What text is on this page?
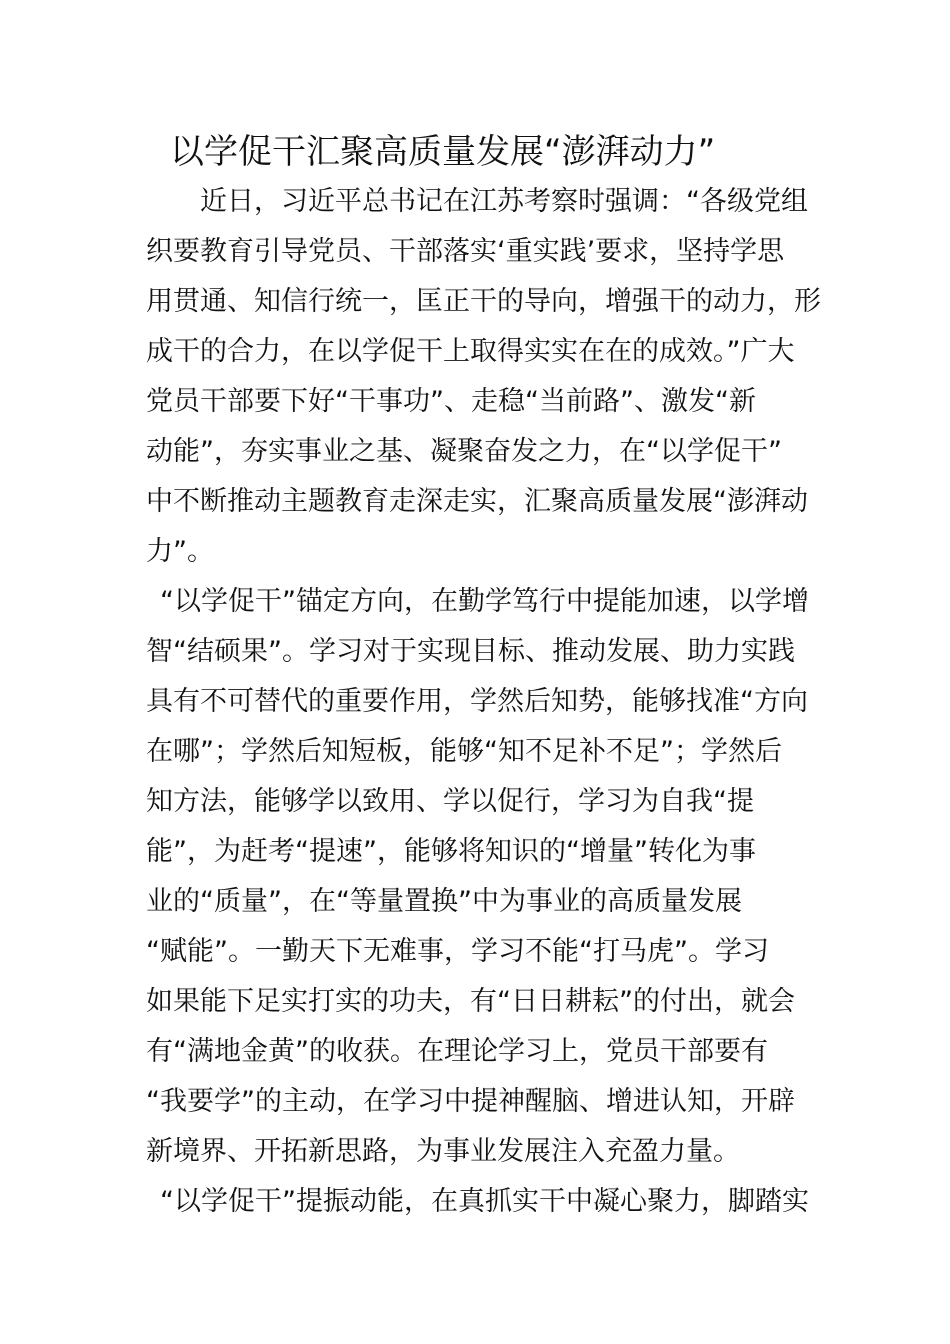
以学促干汇聚高质量发展“澎湃动力”

　　近日，习近平总书记在江苏考察时强调：“各级党组

织要教育引导党员、干部落实‘重实践’要求，坚持学思

用贯通、知信行统一，匡正干的导向，增强干的动力，形

成干的合力，在以学促干上取得实实在在的成效。”广大

党员干部要下好“干事功”、走稳“当前路”、激发“新

动能”，夯实事业之基、凝聚奋发之力，在“以学促干”

中不断推动主题教育走深走实，汇聚高质量发展“澎湃动

力”。

“以学促干”锚定方向，在勤学笃行中提能加速，以学增

智“结硕果”。学习对于实现目标、推动发展、助力实践

具有不可替代的重要作用，学然后知势，能够找准“方向

在哪”；学然后知短板，能够“知不足补不足”；学然后

知方法，能够学以致用、学以促行，学习为自我“提

能”，为赶考“提速”，能够将知识的“增量”转化为事

业的“质量”，在“等量置换”中为事业的高质量发展

“赋能”。一勤天下无难事，学习不能“打马虎”。学习

如果能下足实打实的功夫，有“日日耕耘”的付出，就会

有“满地金黄”的收获。在理论学习上，党员干部要有

“我要学”的主动，在学习中提神醒脑、增进认知，开辟

新境界、开拓新思路，为事业发展注入充盈力量。

“以学促干”提振动能，在真抓实干中凝心聚力，脚踏实
